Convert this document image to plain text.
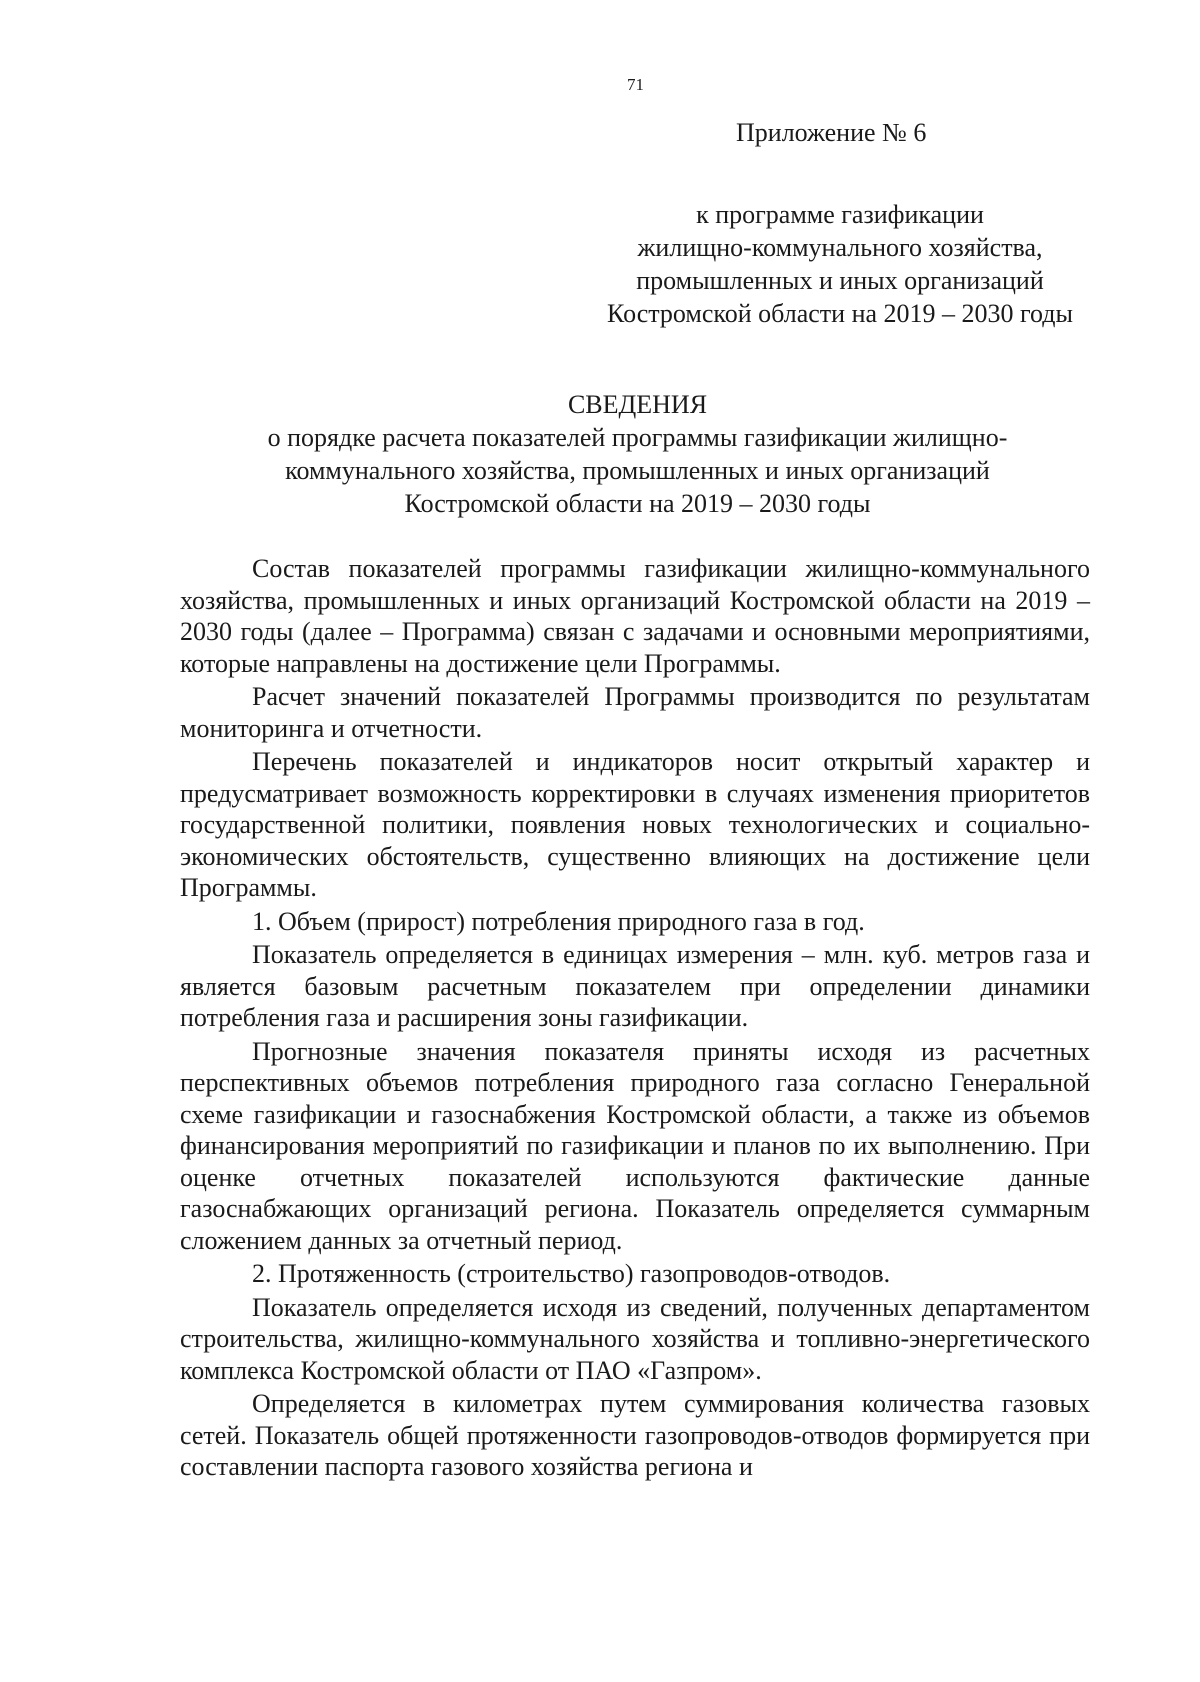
71
Приложение № 6
к программе газификации
жилищно-коммунального хозяйства,
промышленных и иных организаций
Костромской области на 2019 – 2030 годы
СВЕДЕНИЯ
о порядке расчета показателей программы газификации жилищно-
коммунального хозяйства, промышленных и иных организаций
Костромской области на 2019 – 2030 годы

Состав показателей программы газификации жилищно-коммунального хозяйства, промышленных и иных организаций Костромской области на 2019 – 2030 годы (далее – Программа) связан с задачами и основными мероприятиями, которые направлены на достижение цели Программы.

Расчет значений показателей Программы производится по результатам мониторинга и отчетности.

Перечень показателей и индикаторов носит открытый характер и предусматривает возможность корректировки в случаях изменения приоритетов государственной политики, появления новых технологических и социально-экономических обстоятельств, существенно влияющих на достижение цели Программы.

1. Объем (прирост) потребления природного газа в год.

Показатель определяется в единицах измерения – млн. куб. метров газа и является базовым расчетным показателем при определении динамики потребления газа и расширения зоны газификации.

Прогнозные значения показателя приняты исходя из расчетных перспективных объемов потребления природного газа согласно Генеральной схеме газификации и газоснабжения Костромской области, а также из объемов финансирования мероприятий по газификации и планов по их выполнению. При оценке отчетных показателей используются фактические данные газоснабжающих организаций региона. Показатель определяется суммарным сложением данных за отчетный период.

2. Протяженность (строительство) газопроводов-отводов.

Показатель определяется исходя из сведений, полученных департаментом строительства, жилищно-коммунального хозяйства и топливно-энергетического комплекса Костромской области от ПАО «Газпром».

Определяется в километрах путем суммирования количества газовых сетей. Показатель общей протяженности газопроводов-отводов формируется при составлении паспорта газового хозяйства региона и
